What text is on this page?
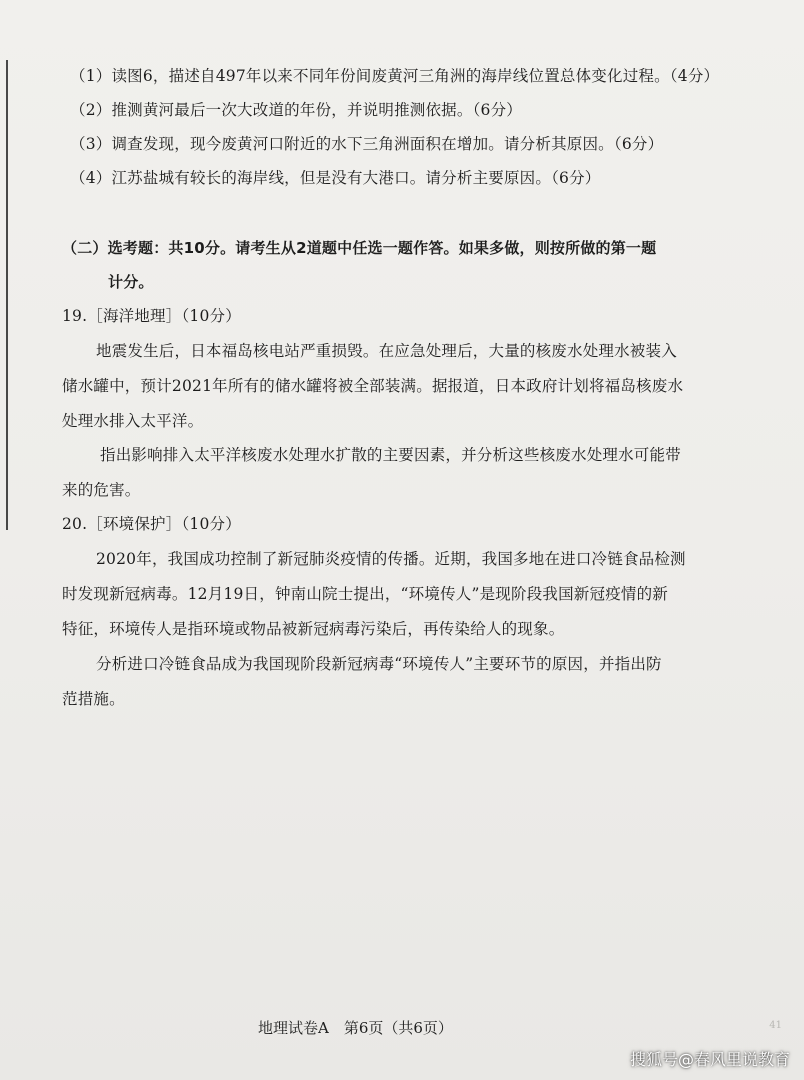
（1）读图6，描述自497年以来不同年份间废黄河三角洲的海岸线位置总体变化过程。（4分）
（2）推测黄河最后一次大改道的年份，并说明推测依据。（6分）
（3）调查发现，现今废黄河口附近的水下三角洲面积在增加。请分析其原因。（6分）
（4）江苏盐城有较长的海岸线，但是没有大港口。请分析主要原因。（6分）
（二）选考题：共10分。请考生从2道题中任选一题作答。如果多做，则按所做的第一题
计分。
19.［海洋地理］（10分）
地震发生后，日本福岛核电站严重损毁。在应急处理后，大量的核废水处理水被装入
储水罐中，预计2021年所有的储水罐将被全部装满。据报道，日本政府计划将福岛核废水
处理水排入太平洋。
指出影响排入太平洋核废水处理水扩散的主要因素，并分析这些核废水处理水可能带
来的危害。
20.［环境保护］（10分）
2020年，我国成功控制了新冠肺炎疫情的传播。近期，我国多地在进口冷链食品检测
时发现新冠病毒。12月19日，钟南山院士提出，“环境传人”是现阶段我国新冠疫情的新
特征，环境传人是指环境或物品被新冠病毒污染后，再传染给人的现象。
分析进口冷链食品成为我国现阶段新冠病毒“环境传人”主要环节的原因，并指出防
范措施。
地理试卷A　第6页（共6页）	41
搜狐号@春风里说教育
